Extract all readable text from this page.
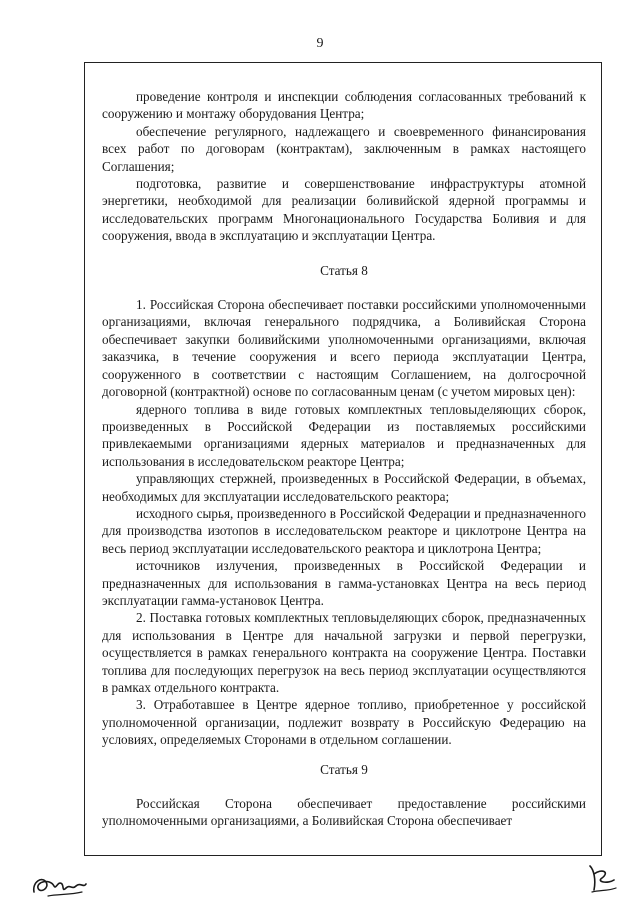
9

проведение контроля и инспекции соблюдения согласованных требований к сооружению и монтажу оборудования Центра;

обеспечение регулярного, надлежащего и своевременного финансирования всех работ по договорам (контрактам), заключенным в рамках настоящего Соглашения;

подготовка, развитие и совершенствование инфраструктуры атомной энергетики, необходимой для реализации боливийской ядерной программы и исследовательских программ Многонационального Государства Боливия и для сооружения, ввода в эксплуатацию и эксплуатации Центра.

Статья 8

1. Российская Сторона обеспечивает поставки российскими уполномоченными организациями, включая генерального подрядчика, а Боливийская Сторона обеспечивает закупки боливийскими уполномоченными организациями, включая заказчика, в течение сооружения и всего периода эксплуатации Центра, сооруженного в соответствии с настоящим Соглашением, на долгосрочной договорной (контрактной) основе по согласованным ценам (с учетом мировых цен):

ядерного топлива в виде готовых комплектных тепловыделяющих сборок, произведенных в Российской Федерации из поставляемых российскими привлекаемыми организациями ядерных материалов и предназначенных для использования в исследовательском реакторе Центра;

управляющих стержней, произведенных в Российской Федерации, в объемах, необходимых для эксплуатации исследовательского реактора;

исходного сырья, произведенного в Российской Федерации и предназначенного для производства изотопов в исследовательском реакторе и циклотроне Центра на весь период эксплуатации исследовательского реактора и циклотрона Центра;

источников излучения, произведенных в Российской Федерации и предназначенных для использования в гамма-установках Центра на весь период эксплуатации гамма-установок Центра.

2. Поставка готовых комплектных тепловыделяющих сборок, предназначенных для использования в Центре для начальной загрузки и первой перегрузки, осуществляется в рамках генерального контракта на сооружение Центра. Поставки топлива для последующих перегрузок на весь период эксплуатации осуществляются в рамках отдельного контракта.

3. Отработавшее в Центре ядерное топливо, приобретенное у российской уполномоченной организации, подлежит возврату в Российскую Федерацию на условиях, определяемых Сторонами в отдельном соглашении.

Статья 9

Российская Сторона обеспечивает предоставление российскими уполномоченными организациями, а Боливийская Сторона обеспечивает
